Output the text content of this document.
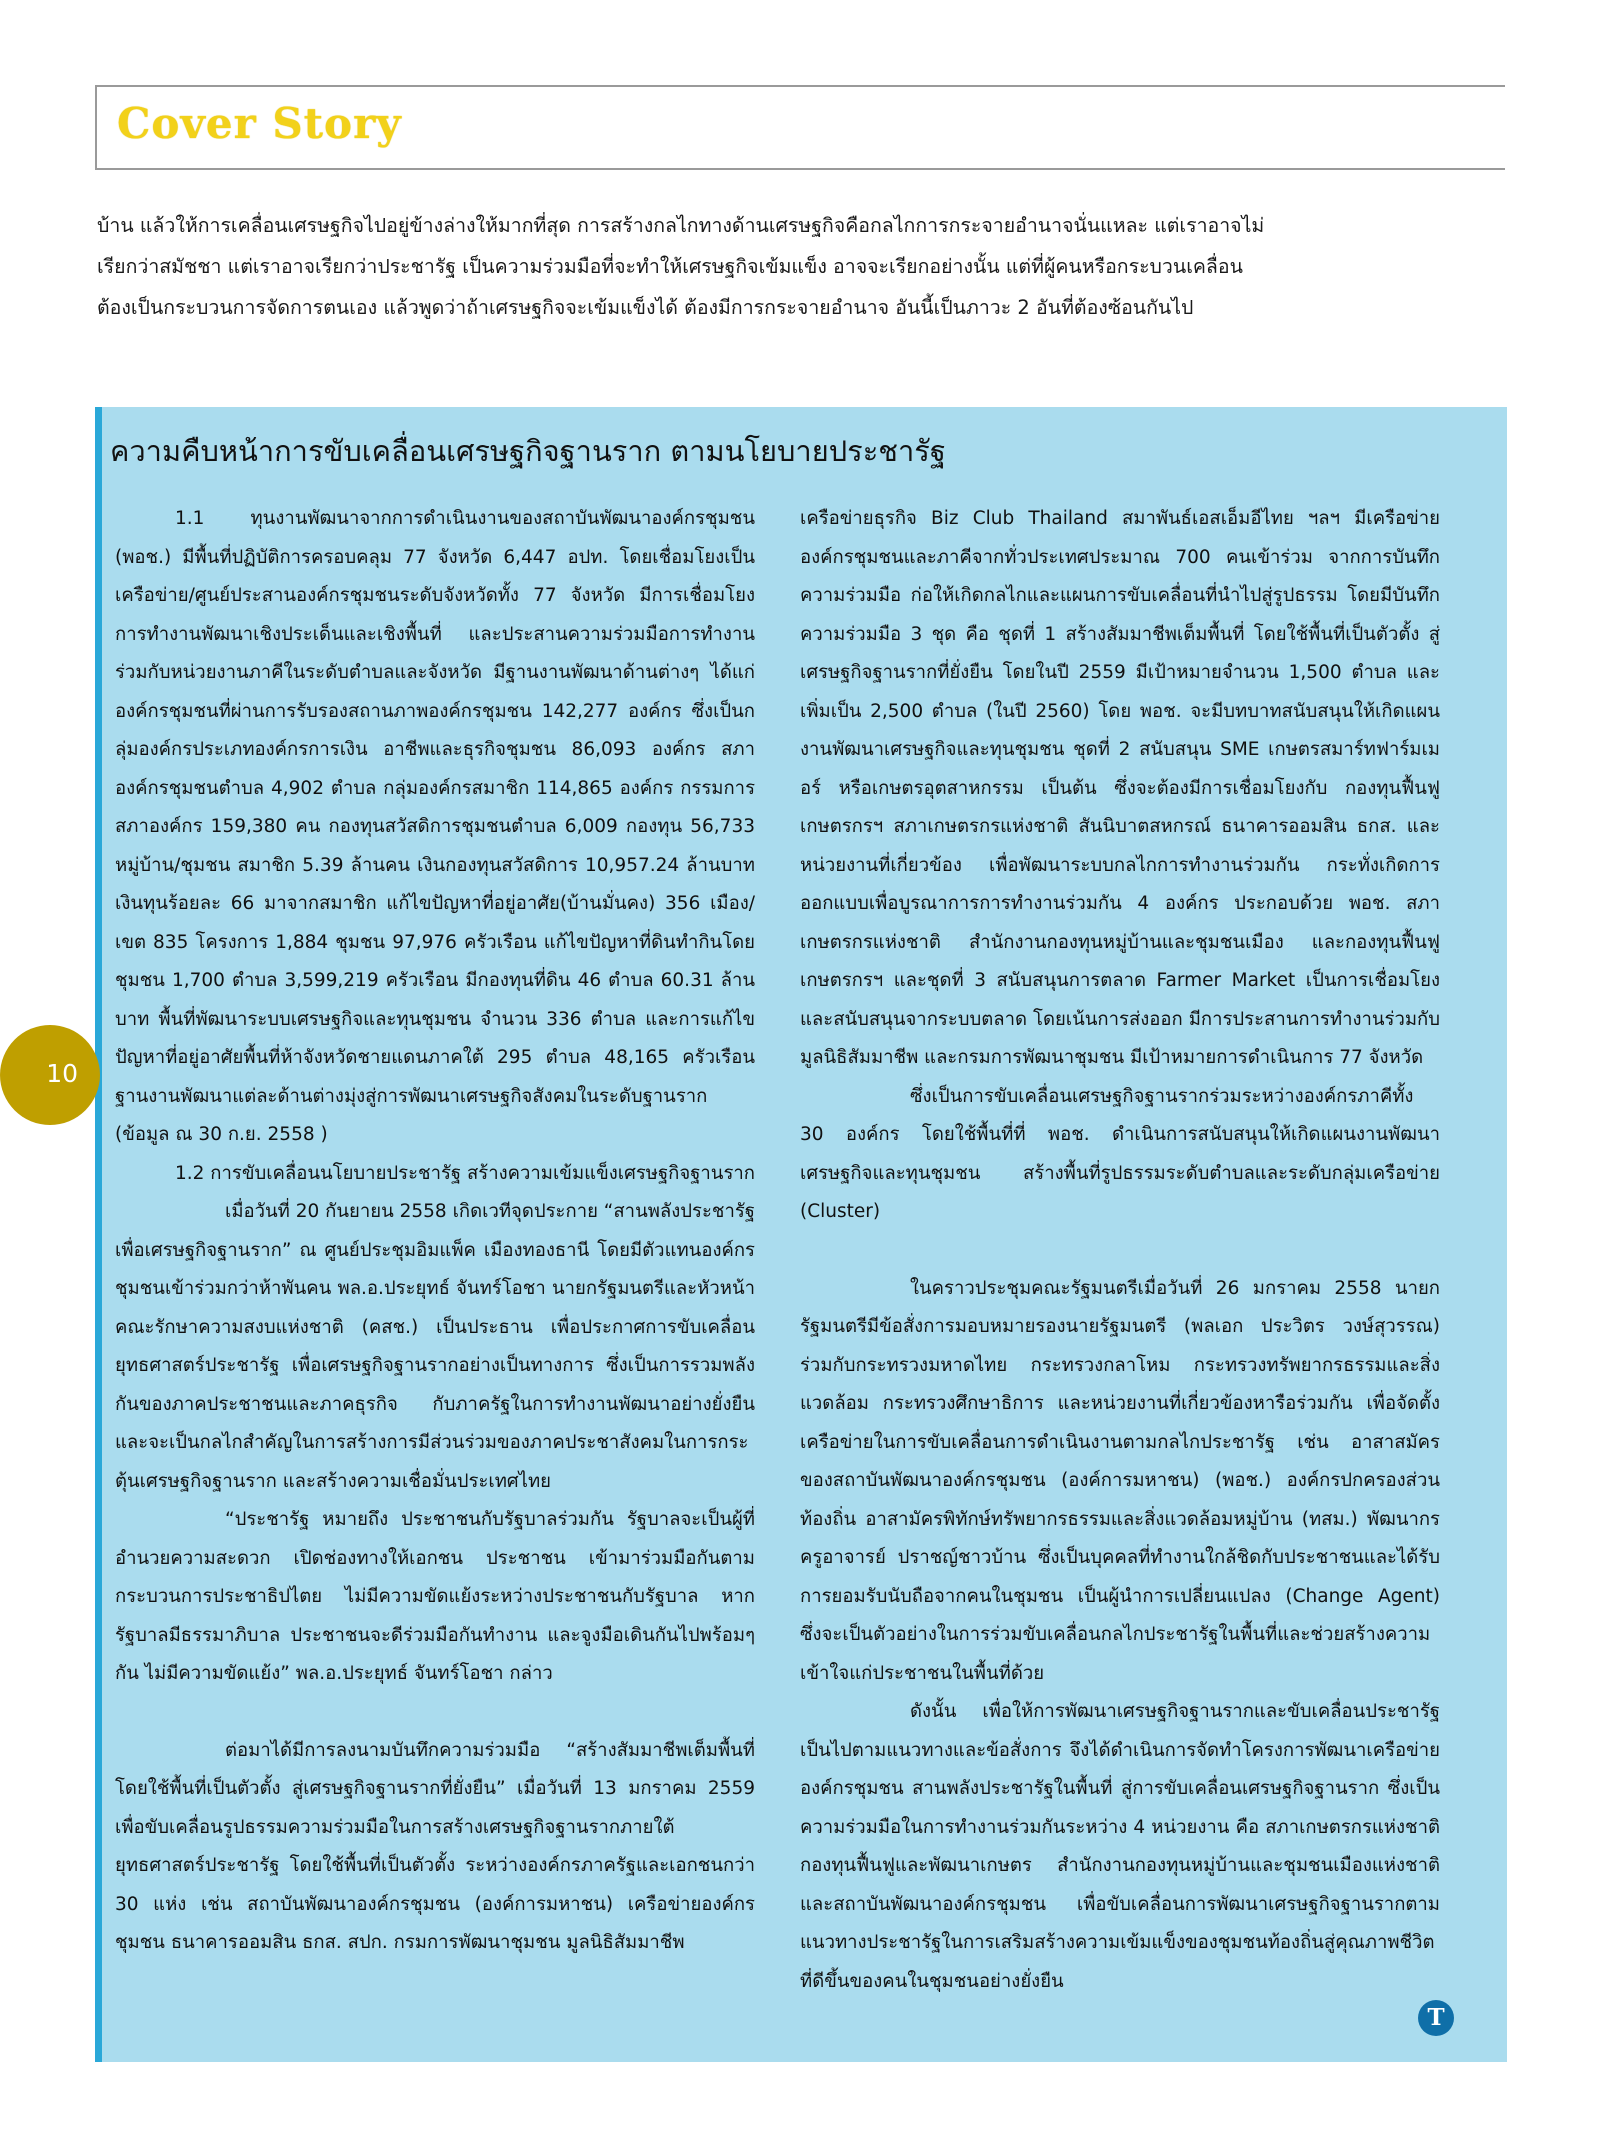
Cover Story
บ้าน แล้วให้การเคลื่อนเศรษฐกิจไปอยู่ข้างล่างให้มากที่สุด การสร้างกลไกทางด้านเศรษฐกิจคือกลไกการกระจายอำนาจนั่นแหละ แต่เราอาจไม่เรียกว่าสมัชชา แต่เราอาจเรียกว่าประชารัฐ เป็นความร่วมมือที่จะทำให้เศรษฐกิจเข้มแข็ง อาจจะเรียกอย่างนั้น แต่ที่ผู้คนหรือกระบวนเคลื่อนต้องเป็นกระบวนการจัดการตนเอง แล้วพูดว่าถ้าเศรษฐกิจจะเข้มแข็งได้ ต้องมีการกระจายอำนาจ อันนี้เป็นภาวะ 2 อันที่ต้องซ้อนกันไป
ความคืบหน้าการขับเคลื่อนเศรษฐกิจฐานราก ตามนโยบายประชารัฐ

1.1 ทุนงานพัฒนาจากการดำเนินงานของสถาบันพัฒนาองค์กรชุมชน (พอช.) มีพื้นที่ปฏิบัติการครอบคลุม 77 จังหวัด 6,447 อปท. โดยเชื่อมโยงเป็นเครือข่าย/ศูนย์ประสานองค์กรชุมชนระดับจังหวัดทั้ง 77 จังหวัด มีการเชื่อมโยงการทำงานพัฒนาเชิงประเด็นและเชิงพื้นที่ และประสานความร่วมมือการทำงานร่วมกับหน่วยงานภาคีในระดับตำบลและจังหวัด มีฐานงานพัฒนาด้านต่างๆ ได้แก่ องค์กรชุมชนที่ผ่านการรับรองสถานภาพองค์กรชุมชน 142,277 องค์กร ซึ่งเป็นกลุ่มองค์กรประเภทองค์กรการเงิน อาชีพและธุรกิจชุมชน 86,093 องค์กร สภาองค์กรชุมชนตำบล 4,902 ตำบล กลุ่มองค์กรสมาชิก 114,865 องค์กร กรรมการสภาองค์กร 159,380 คน กองทุนสวัสดิการชุมชนตำบล 6,009 กองทุน 56,733 หมู่บ้าน/ชุมชน สมาชิก 5.39 ล้านคน เงินกองทุนสวัสดิการ 10,957.24 ล้านบาท เงินทุนร้อยละ 66 มาจากสมาชิก แก้ไขปัญหาที่อยู่อาศัย(บ้านมั่นคง) 356 เมือง/เขต 835 โครงการ 1,884 ชุมชน 97,976 ครัวเรือน แก้ไขปัญหาที่ดินทำกินโดยชุมชน 1,700 ตำบล 3,599,219 ครัวเรือน มีกองทุนที่ดิน 46 ตำบล 60.31 ล้านบาท พื้นที่พัฒนาระบบเศรษฐกิจและทุนชุมชน จำนวน 336 ตำบล และการแก้ไขปัญหาที่อยู่อาศัยพื้นที่ห้าจังหวัดชายแดนภาคใต้ 295 ตำบล 48,165 ครัวเรือน ฐานงานพัฒนาแต่ละด้านต่างมุ่งสู่การพัฒนาเศรษฐกิจสังคมในระดับฐานราก (ข้อมูล ณ 30 ก.ย. 2558 )

1.2 การขับเคลื่อนนโยบายประชารัฐ สร้างความเข้มแข็งเศรษฐกิจฐานราก

เมื่อวันที่ 20 กันยายน 2558 เกิดเวทีจุดประกาย “สานพลังประชารัฐเพื่อเศรษฐกิจฐานราก” ณ ศูนย์ประชุมอิมแพ็ค เมืองทองธานี โดยมีตัวแทนองค์กรชุมชนเข้าร่วมกว่าห้าพันคน พล.อ.ประยุทธ์ จันทร์โอชา นายกรัฐมนตรีและหัวหน้าคณะรักษาความสงบแห่งชาติ (คสช.) เป็นประธาน เพื่อประกาศการขับเคลื่อนยุทธศาสตร์ประชารัฐ เพื่อเศรษฐกิจฐานรากอย่างเป็นทางการ ซึ่งเป็นการรวมพลังกันของภาคประชาชนและภาคธุรกิจ กับภาครัฐในการทำงานพัฒนาอย่างยั่งยืนและจะเป็นกลไกสำคัญในการสร้างการมีส่วนร่วมของภาคประชาสังคมในการกระตุ้นเศรษฐกิจฐานราก และสร้างความเชื่อมั่นประเทศไทย

“ประชารัฐ หมายถึง ประชาชนกับรัฐบาลร่วมกัน รัฐบาลจะเป็นผู้ที่อำนวยความสะดวก เปิดช่องทางให้เอกชน ประชาชน เข้ามาร่วมมือกันตามกระบวนการประชาธิปไตย ไม่มีความขัดแย้งระหว่างประชาชนกับรัฐบาล หากรัฐบาลมีธรรมาภิบาล ประชาชนจะดีร่วมมือกันทำงาน และจูงมือเดินกันไปพร้อมๆ กัน ไม่มีความขัดแย้ง” พล.อ.ประยุทธ์ จันทร์โอชา กล่าว

ต่อมาได้มีการลงนามบันทึกความร่วมมือ “สร้างสัมมาชีพเต็มพื้นที่ โดยใช้พื้นที่เป็นตัวตั้ง สู่เศรษฐกิจฐานรากที่ยั่งยืน” เมื่อวันที่ 13 มกราคม 2559 เพื่อขับเคลื่อนรูปธรรมความร่วมมือในการสร้างเศรษฐกิจฐานรากภายใต้ยุทธศาสตร์ประชารัฐ โดยใช้พื้นที่เป็นตัวตั้ง ระหว่างองค์กรภาครัฐและเอกชนกว่า 30 แห่ง เช่น สถาบันพัฒนาองค์กรชุมชน (องค์การมหาชน) เครือข่ายองค์กรชุมชน ธนาคารออมสิน ธกส. สปก. กรมการพัฒนาชุมชน มูลนิธิสัมมาชีพ

เครือข่ายธุรกิจ Biz Club Thailand สมาพันธ์เอสเอ็มอีไทย ฯลฯ มีเครือข่ายองค์กรชุมชนและภาคีจากทั่วประเทศประมาณ 700 คนเข้าร่วม จากการบันทึกความร่วมมือ ก่อให้เกิดกลไกและแผนการขับเคลื่อนที่นำไปสู่รูปธรรม โดยมีบันทึกความร่วมมือ 3 ชุด คือ ชุดที่ 1 สร้างสัมมาชีพเต็มพื้นที่ โดยใช้พื้นที่เป็นตัวตั้ง สู่เศรษฐกิจฐานรากที่ยั่งยืน โดยในปี 2559 มีเป้าหมายจำนวน 1,500 ตำบล และเพิ่มเป็น 2,500 ตำบล (ในปี 2560) โดย พอช. จะมีบทบาทสนับสนุนให้เกิดแผนงานพัฒนาเศรษฐกิจและทุนชุมชน ชุดที่ 2 สนับสนุน SME เกษตรสมาร์ทฟาร์มเมอร์ หรือเกษตรอุตสาหกรรม เป็นต้น ซึ่งจะต้องมีการเชื่อมโยงกับ กองทุนฟื้นฟูเกษตรกรฯ สภาเกษตรกรแห่งชาติ สันนิบาตสหกรณ์ ธนาคารออมสิน ธกส. และหน่วยงานที่เกี่ยวข้อง เพื่อพัฒนาระบบกลไกการทำงานร่วมกัน กระทั่งเกิดการออกแบบเพื่อบูรณาการการทำงานร่วมกัน 4 องค์กร ประกอบด้วย พอช. สภาเกษตรกรแห่งชาติ สำนักงานกองทุนหมู่บ้านและชุมชนเมือง และกองทุนฟื้นฟูเกษตรกรฯ และชุดที่ 3 สนับสนุนการตลาด Farmer Market เป็นการเชื่อมโยงและสนับสนุนจากระบบตลาด โดยเน้นการส่งออก มีการประสานการทำงานร่วมกับมูลนิธิสัมมาชีพ และกรมการพัฒนาชุมชน มีเป้าหมายการดำเนินการ 77 จังหวัด

ซึ่งเป็นการขับเคลื่อนเศรษฐกิจฐานรากร่วมระหว่างองค์กรภาคีทั้ง 30 องค์กร โดยใช้พื้นที่ที่ พอช. ดำเนินการสนับสนุนให้เกิดแผนงานพัฒนาเศรษฐกิจและทุนชุมชน สร้างพื้นที่รูปธรรมระดับตำบลและระดับกลุ่มเครือข่าย (Cluster)

ในคราวประชุมคณะรัฐมนตรีเมื่อวันที่ 26 มกราคม 2558 นายกรัฐมนตรีมีข้อสั่งการมอบหมายรองนายรัฐมนตรี (พลเอก ประวิตร วงษ์สุวรรณ) ร่วมกับกระทรวงมหาดไทย กระทรวงกลาโหม กระทรวงทรัพยากรธรรมและสิ่งแวดล้อม กระทรวงศึกษาธิการ และหน่วยงานที่เกี่ยวข้องหารือร่วมกัน เพื่อจัดตั้งเครือข่ายในการขับเคลื่อนการดำเนินงานตามกลไกประชารัฐ เช่น อาสาสมัครของสถาบันพัฒนาองค์กรชุมชน (องค์การมหาชน) (พอช.) องค์กรปกครองส่วนท้องถิ่น อาสามัครพิทักษ์ทรัพยากรธรรมและสิ่งแวดล้อมหมู่บ้าน (ทสม.) พัฒนากร ครูอาจารย์ ปราชญ์ชาวบ้าน ซึ่งเป็นบุคคลที่ทำงานใกล้ชิดกับประชาชนและได้รับการยอมรับนับถือจากคนในชุมชน เป็นผู้นำการเปลี่ยนแปลง (Change Agent) ซึ่งจะเป็นตัวอย่างในการร่วมขับเคลื่อนกลไกประชารัฐในพื้นที่และช่วยสร้างความเข้าใจแก่ประชาชนในพื้นที่ด้วย

ดังนั้น เพื่อให้การพัฒนาเศรษฐกิจฐานรากและขับเคลื่อนประชารัฐเป็นไปตามแนวทางและข้อสั่งการ จึงได้ดำเนินการจัดทำโครงการพัฒนาเครือข่ายองค์กรชุมชน สานพลังประชารัฐในพื้นที่ สู่การขับเคลื่อนเศรษฐกิจฐานราก ซึ่งเป็นความร่วมมือในการทำงานร่วมกันระหว่าง 4 หน่วยงาน คือ สภาเกษตรกรแห่งชาติ กองทุนฟื้นฟูและพัฒนาเกษตร สำนักงานกองทุนหมู่บ้านและชุมชนเมืองแห่งชาติ และสถาบันพัฒนาองค์กรชุมชน เพื่อขับเคลื่อนการพัฒนาเศรษฐกิจฐานรากตามแนวทางประชารัฐในการเสริมสร้างความเข้มแข็งของชุมชนท้องถิ่นสู่คุณภาพชีวิตที่ดีขึ้นของคนในชุมชนอย่างยั่งยืน

10
T
